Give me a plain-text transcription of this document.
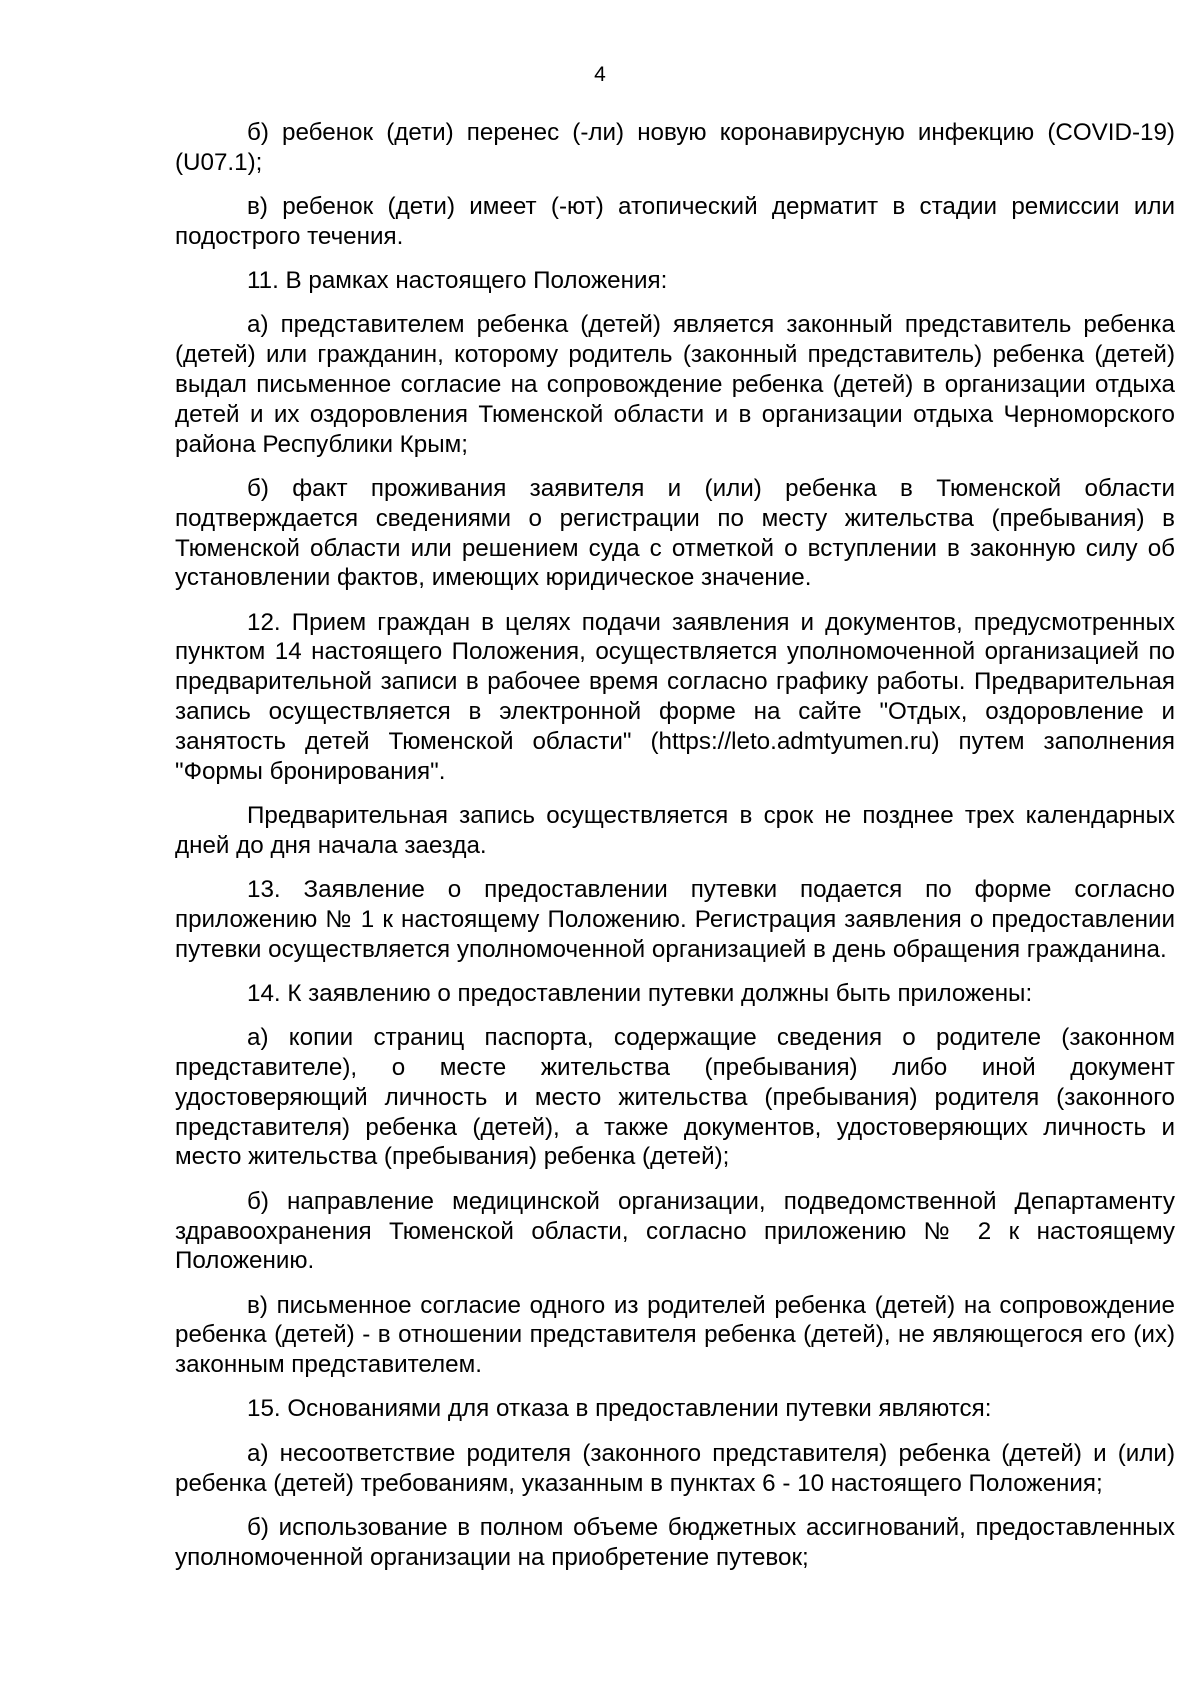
4

б) ребенок (дети) перенес (-ли) новую коронавирусную инфекцию (COVID-19) (U07.1);

в) ребенок (дети) имеет (-ют) атопический дерматит в стадии ремиссии или подострого течения.

11. В рамках настоящего Положения:

а) представителем ребенка (детей) является законный представитель ребенка (детей) или гражданин, которому родитель (законный представитель) ребенка (детей) выдал письменное согласие на сопровождение ребенка (детей) в организации отдыха детей и их оздоровления Тюменской области и в организации отдыха Черноморского района Республики Крым;

б) факт проживания заявителя и (или) ребенка в Тюменской области подтверждается сведениями о регистрации по месту жительства (пребывания) в Тюменской области или решением суда с отметкой о вступлении в законную силу об установлении фактов, имеющих юридическое значение.

12. Прием граждан в целях подачи заявления и документов, предусмотренных пунктом 14 настоящего Положения, осуществляется уполномоченной организацией по предварительной записи в рабочее время согласно графику работы. Предварительная запись осуществляется в электронной форме на сайте "Отдых, оздоровление и занятость детей Тюменской области" (https://leto.admtyumen.ru) путем заполнения "Формы бронирования".

Предварительная запись осуществляется в срок не позднее трех календарных дней до дня начала заезда.

13. Заявление о предоставлении путевки подается по форме согласно приложению № 1 к настоящему Положению. Регистрация заявления о предоставлении путевки осуществляется уполномоченной организацией в день обращения гражданина.

14. К заявлению о предоставлении путевки должны быть приложены:

а) копии страниц паспорта, содержащие сведения о родителе (законном представителе), о месте жительства (пребывания) либо иной документ удостоверяющий личность и место жительства (пребывания) родителя (законного представителя) ребенка (детей), а также документов, удостоверяющих личность и место жительства (пребывания) ребенка (детей);

б) направление медицинской организации, подведомственной Департаменту здравоохранения Тюменской области, согласно приложению № 2 к настоящему Положению.

в) письменное согласие одного из родителей ребенка (детей) на сопровождение ребенка (детей) - в отношении представителя ребенка (детей), не являющегося его (их) законным представителем.

15. Основаниями для отказа в предоставлении путевки являются:

а) несоответствие родителя (законного представителя) ребенка (детей) и (или) ребенка (детей) требованиям, указанным в пунктах 6 - 10 настоящего Положения;

б) использование в полном объеме бюджетных ассигнований, предоставленных уполномоченной организации на приобретение путевок;
